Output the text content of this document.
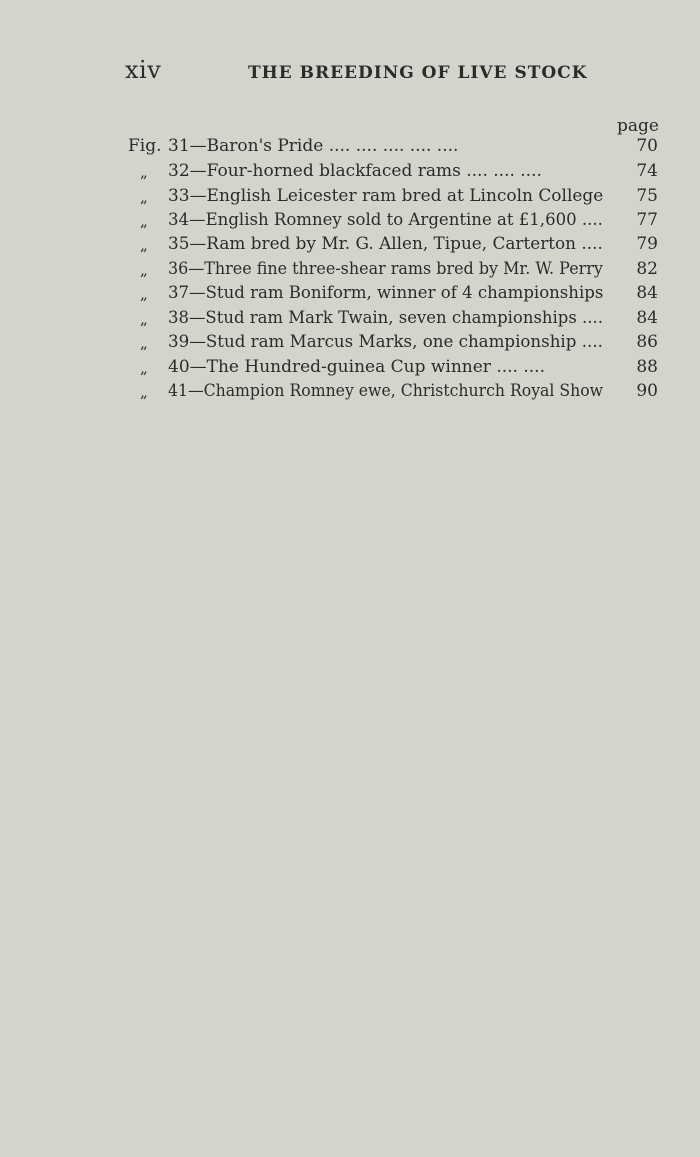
xiv	THE BREEDING OF LIVE STOCK
page
Fig. 31—Baron's Pride .... .... .... .... ....	70
„ 32—Four-horned blackfaced rams .... .... ....	74
„ 33—English Leicester ram bred at Lincoln College 75
„ 34—English Romney sold to Argentine at £1,600 .... 77
„ 35—Ram bred by Mr. G. Allen, Tipue, Carterton .... 79
„ 36—Three fine three-shear rams bred by Mr. W. Perry 82
„ 37—Stud ram Boniform, winner of 4 championships 84
„ 38—Stud ram Mark Twain, seven championships .... 84
„ 39—Stud ram Marcus Marks, one championship .... 86
„ 40—The Hundred-guinea Cup winner .... ....	88
„ 41—Champion Romney ewe, Christchurch Royal Show 90
